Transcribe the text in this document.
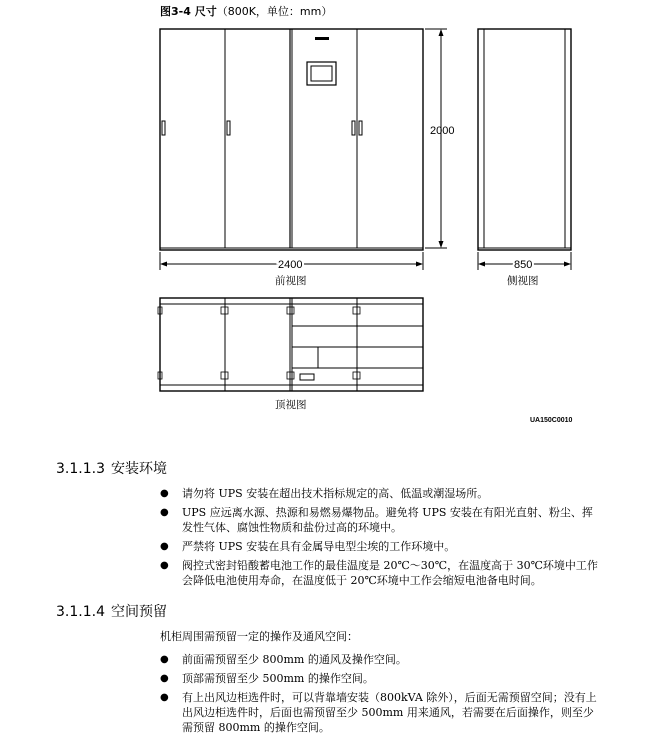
图3-4 尺寸（800K，单位：mm）
2000
2400	850
前视图	侧视图
顶视图
UA150C0010
3.1.1.3 安装环境
● 请勿将 UPS 安装在超出技术指标规定的高、低温或潮湿场所。
● UPS 应远离水源、热源和易燃易爆物品。避免将 UPS 安装在有阳光直射、粉尘、挥发性气体、腐蚀性物质和盐份过高的环境中。
● 严禁将 UPS 安装在具有金属导电型尘埃的工作环境中。
● 阀控式密封铅酸蓄电池工作的最佳温度是 20℃～30℃，在温度高于 30℃环境中工作会降低电池使用寿命，在温度低于 20℃环境中工作会缩短电池备电时间。
3.1.1.4 空间预留

机柜周围需预留一定的操作及通风空间：

● 前面需预留至少 800mm 的通风及操作空间。
● 顶部需预留至少 500mm 的操作空间。
● 有上出风边柜选件时，可以背靠墙安装（800kVA 除外），后面无需预留空间；没有上出风边柜选件时，后面也需预留至少 500mm 用来通风，若需要在后面操作，则至少需预留 800mm 的操作空间。
